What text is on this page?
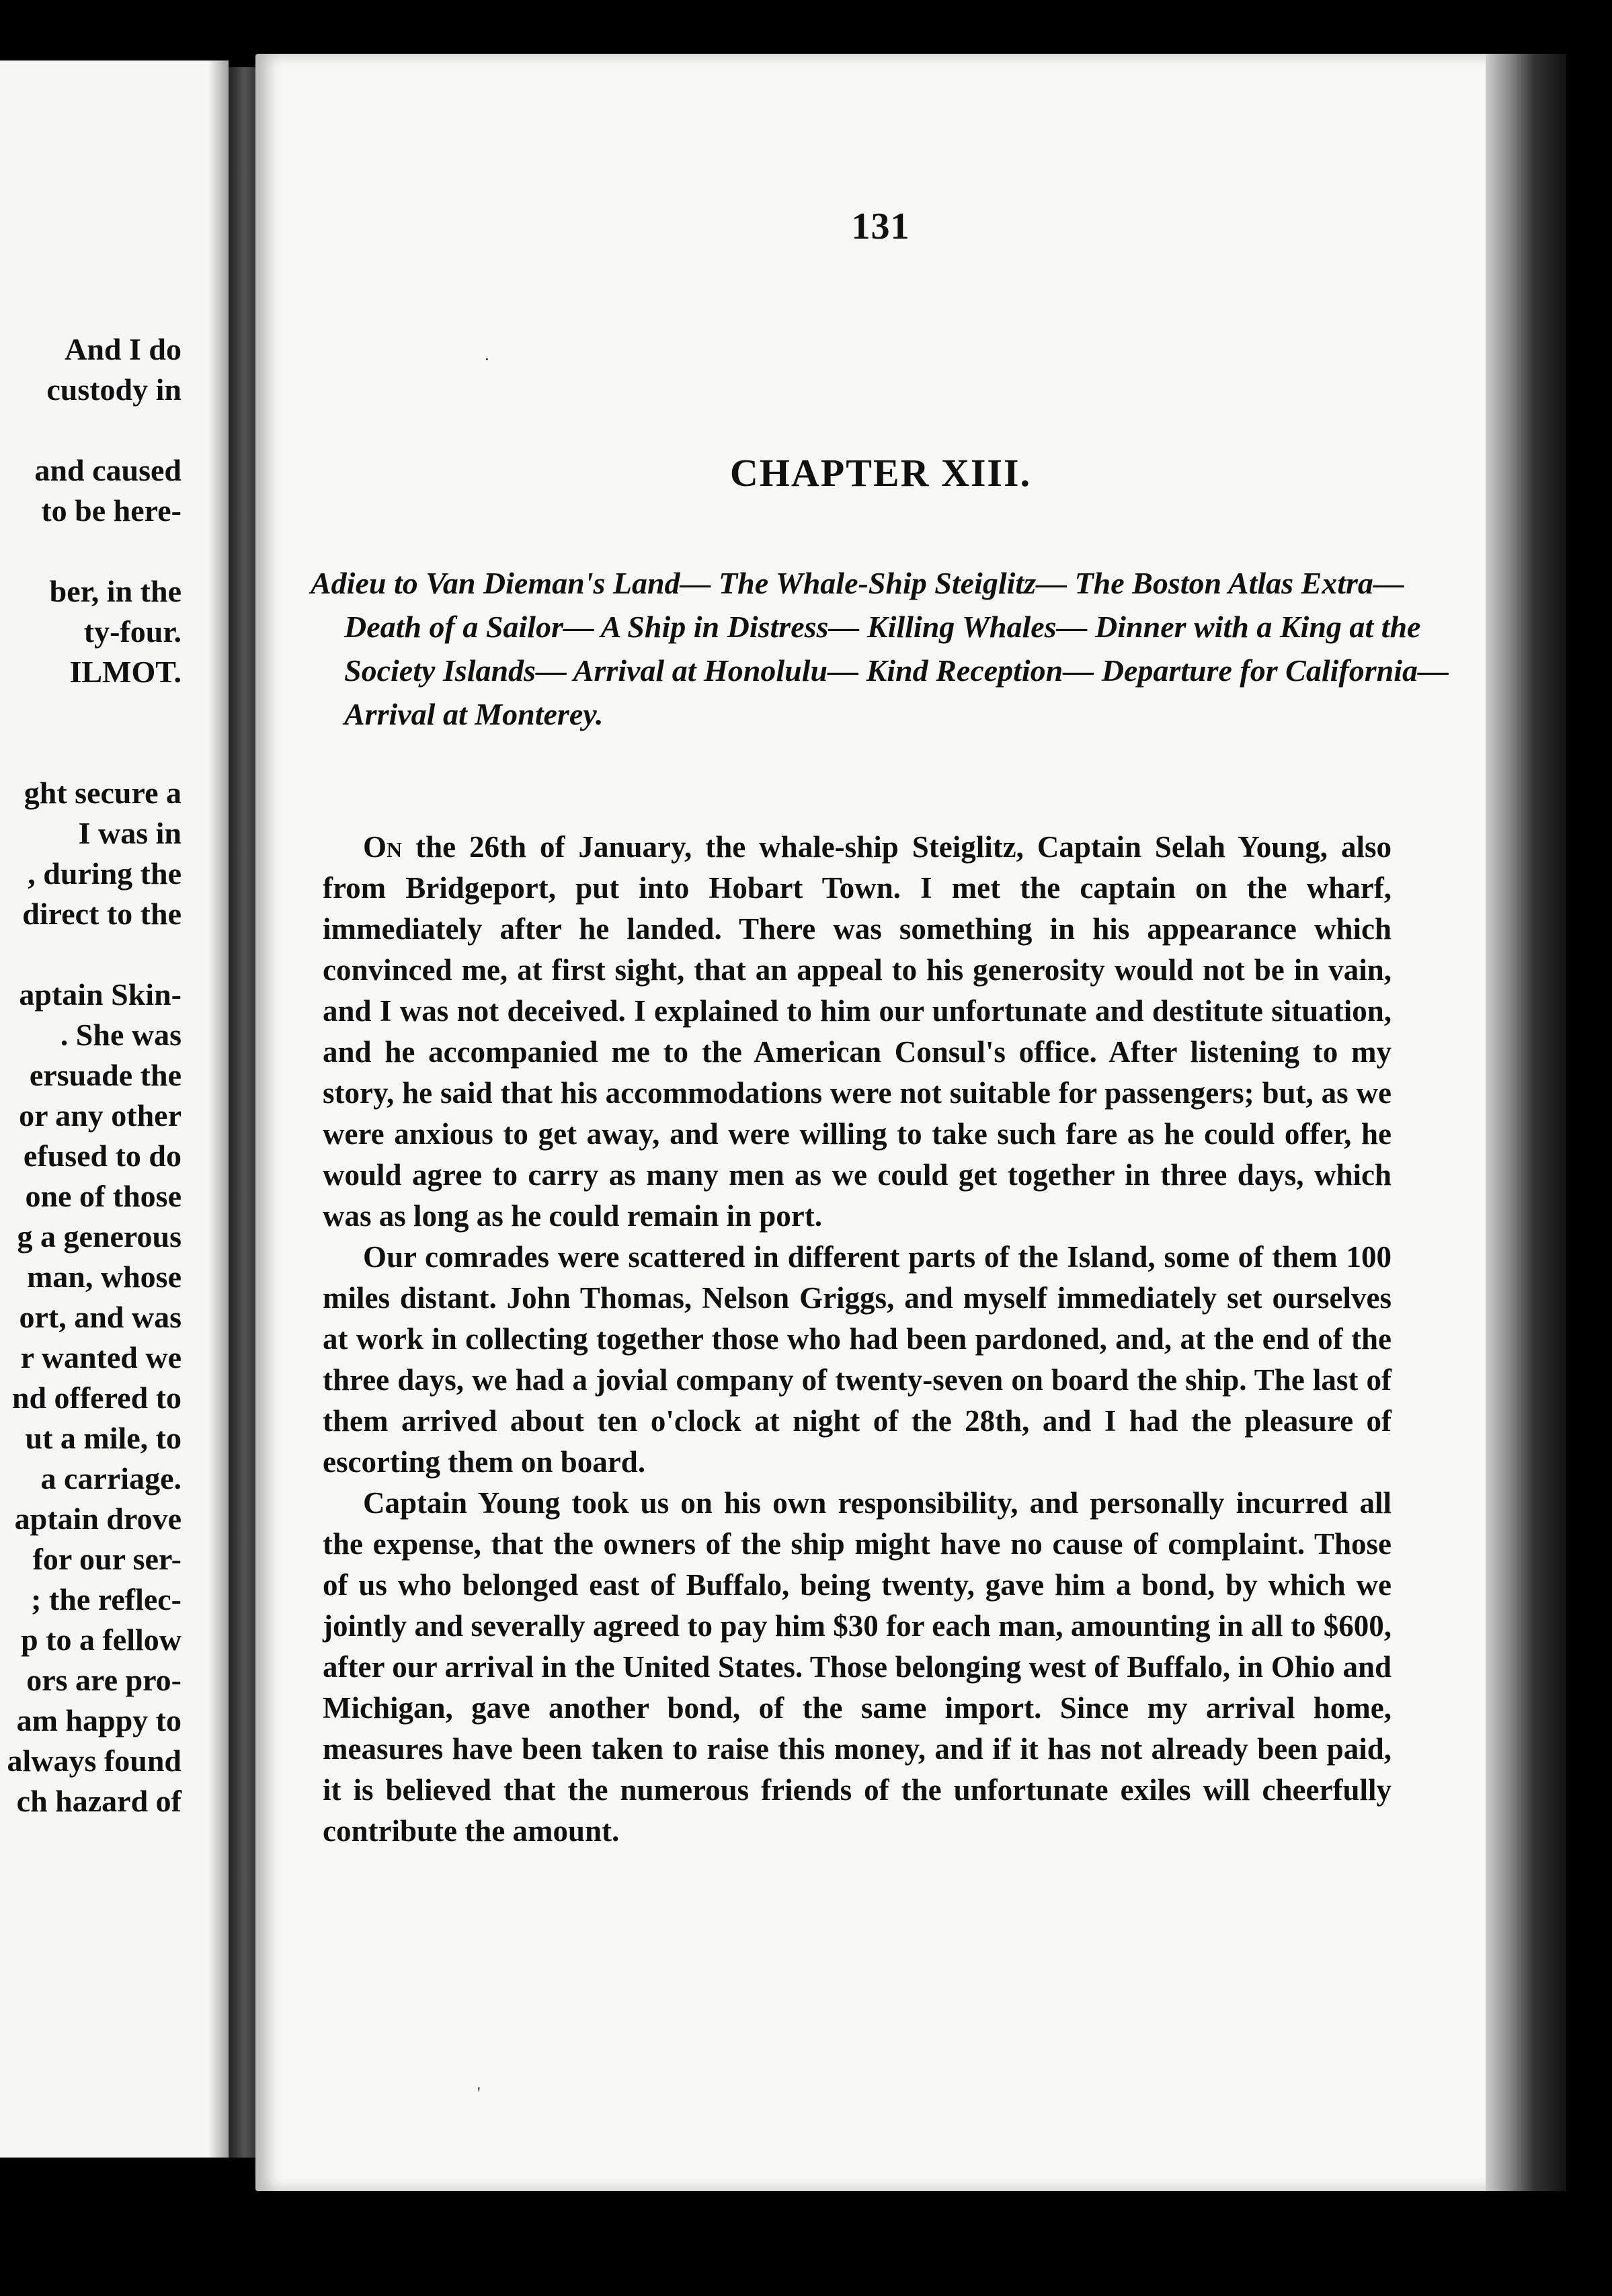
And I do
custody in
and caused
to be here-
ber, in the
ty-four.
ILMOT.
ght secure a
I was in
, during the
direct to the
aptain Skin-
. She was
ersuade the
or any other
efused to do
one of those
g a generous
man, whose
ort, and was
r wanted we
nd offered to
ut a mile, to
a carriage.
aptain drove
for our ser-
; the reflec-
p to a fellow
ors are pro-
am happy to
always found
ch hazard of
131
CHAPTER XIII.
Adieu to Van Dieman's Land— The Whale-Ship Steiglitz— The Boston Atlas Extra— Death of a Sailor— A Ship in Distress— Killing Whales— Dinner with a King at the Society Islands— Arrival at Honolulu— Kind Reception— Departure for California— Arrival at Monterey.

On the 26th of January, the whale-ship Steiglitz, Captain Selah Young, also from Bridgeport, put into Hobart Town. I met the captain on the wharf, immediately after he landed. There was something in his appearance which convinced me, at first sight, that an appeal to his generosity would not be in vain, and I was not deceived. I explained to him our unfortunate and destitute situation, and he accompanied me to the American Consul's office. After listening to my story, he said that his accommodations were not suitable for passengers; but, as we were anxious to get away, and were willing to take such fare as he could offer, he would agree to carry as many men as we could get together in three days, which was as long as he could remain in port.

Our comrades were scattered in different parts of the Island, some of them 100 miles distant. John Thomas, Nelson Griggs, and myself immediately set ourselves at work in collecting together those who had been pardoned, and, at the end of the three days, we had a jovial company of twenty-seven on board the ship. The last of them arrived about ten o'clock at night of the 28th, and I had the pleasure of escorting them on board.

Captain Young took us on his own responsibility, and personally incurred all the expense, that the owners of the ship might have no cause of complaint. Those of us who belonged east of Buffalo, being twenty, gave him a bond, by which we jointly and severally agreed to pay him $30 for each man, amounting in all to $600, after our arrival in the United States. Those belonging west of Buffalo, in Ohio and Michigan, gave another bond, of the same import. Since my arrival home, measures have been taken to raise this money, and if it has not already been paid, it is believed that the numerous friends of the unfortunate exiles will cheerfully contribute the amount.

·
'
